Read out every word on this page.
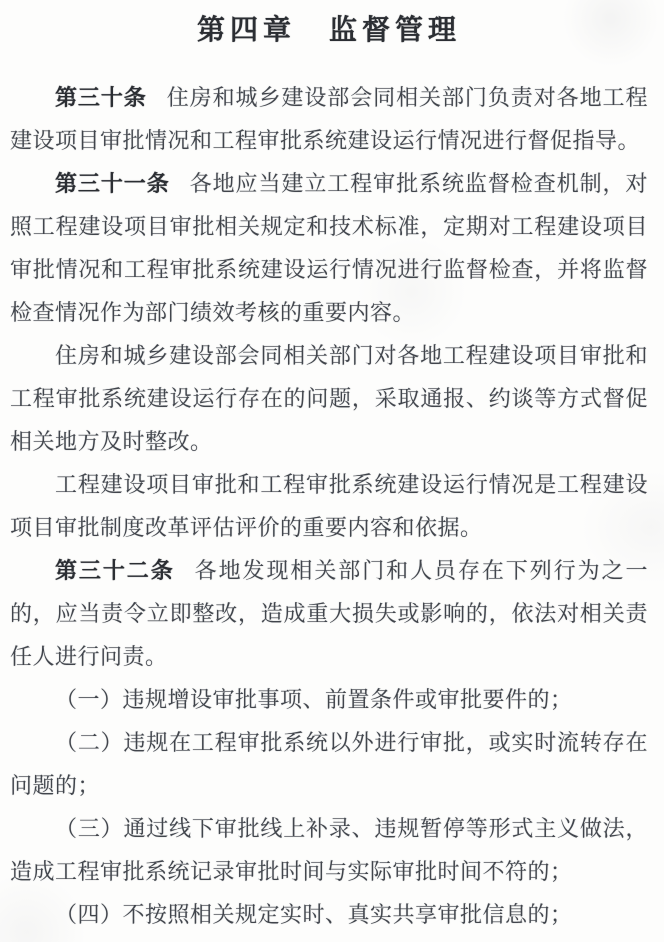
第四章　监督管理

第三十条 住房和城乡建设部会同相关部门负责对各地工程建设项目审批情况和工程审批系统建设运行情况进行督促指导。

第三十一条 各地应当建立工程审批系统监督检查机制，对照工程建设项目审批相关规定和技术标准，定期对工程建设项目审批情况和工程审批系统建设运行情况进行监督检查，并将监督检查情况作为部门绩效考核的重要内容。

住房和城乡建设部会同相关部门对各地工程建设项目审批和工程审批系统建设运行存在的问题，采取通报、约谈等方式督促相关地方及时整改。

工程建设项目审批和工程审批系统建设运行情况是工程建设项目审批制度改革评估评价的重要内容和依据。

第三十二条 各地发现相关部门和人员存在下列行为之一的，应当责令立即整改，造成重大损失或影响的，依法对相关责任人进行问责。

（一）违规增设审批事项、前置条件或审批要件的；

（二）违规在工程审批系统以外进行审批，或实时流转存在问题的；

（三）通过线下审批线上补录、违规暂停等形式主义做法，造成工程审批系统记录审批时间与实际审批时间不符的；

（四）不按照相关规定实时、真实共享审批信息的；
